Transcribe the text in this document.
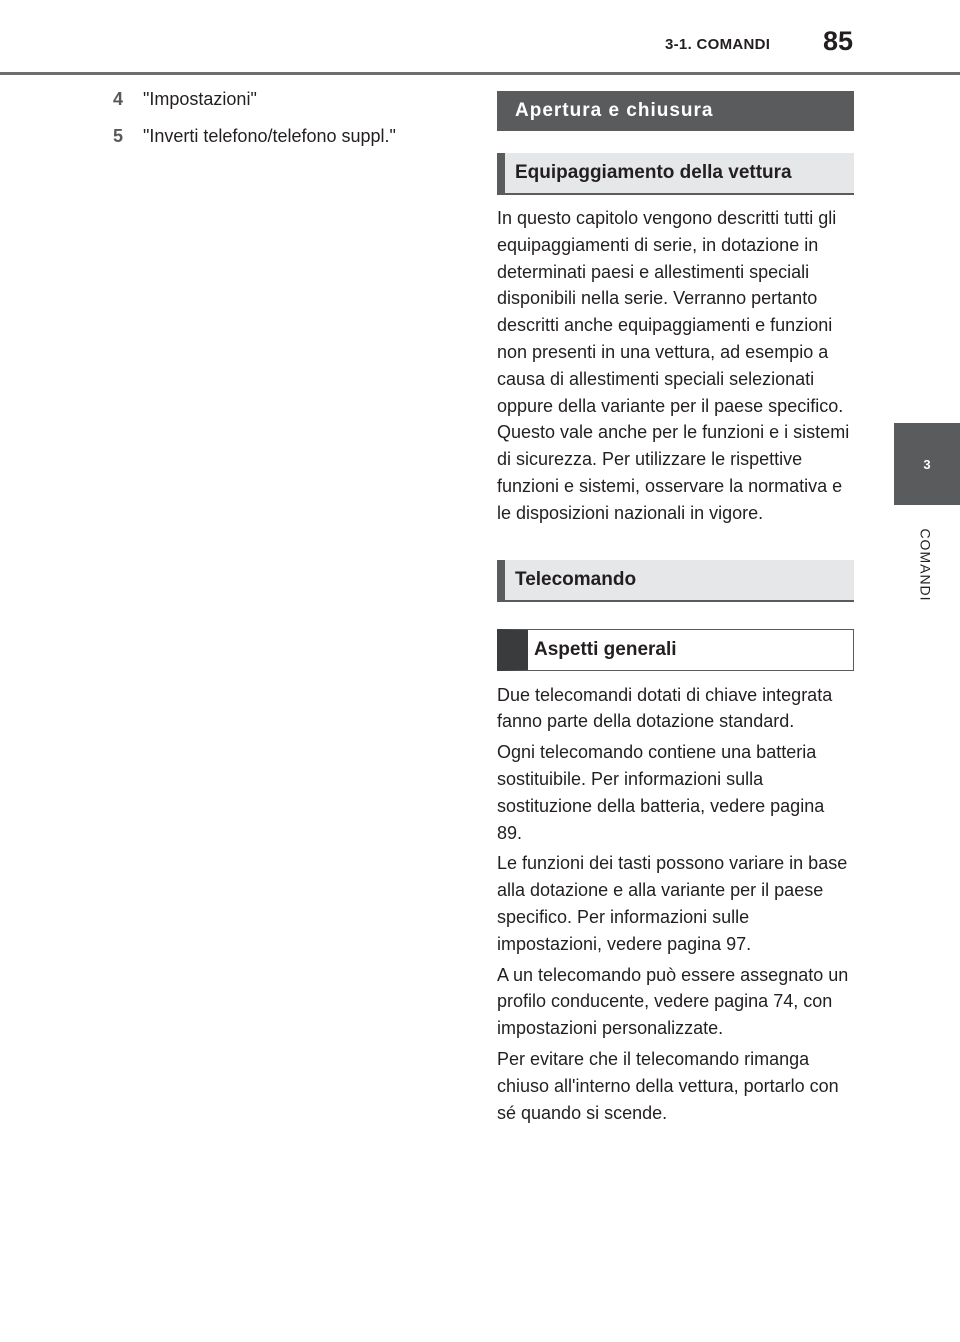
3-1. COMANDI 85
3
COMANDI
4	"Impostazioni"
5	"Inverti telefono/telefono suppl."
Apertura e chiusura
Equipaggiamento della vettura

In questo capitolo vengono descritti tutti gli equipaggiamenti di serie, in dotazione in determinati paesi e allestimenti speciali disponibili nella serie. Verranno pertanto descritti anche equipaggiamenti e funzioni non presenti in una vettura, ad esempio a causa di allestimenti speciali selezionati oppure della variante per il paese specifico. Questo vale anche per le funzioni e i sistemi di sicurezza. Per utilizzare le rispettive funzioni e sistemi, osservare la normativa e le disposizioni nazionali in vigore.

Telecomando
Aspetti generali

Due telecomandi dotati di chiave integrata fanno parte della dotazione standard.

Ogni telecomando contiene una batteria sostituibile. Per informazioni sulla sostituzione della batteria, vedere pagina 89.

Le funzioni dei tasti possono variare in base alla dotazione e alla variante per il paese specifico. Per informazioni sulle impostazioni, vedere pagina 97.

A un telecomando può essere assegnato un profilo conducente, vedere pagina 74, con impostazioni personalizzate.

Per evitare che il telecomando rimanga chiuso all'interno della vettura, portarlo con sé quando si scende.
